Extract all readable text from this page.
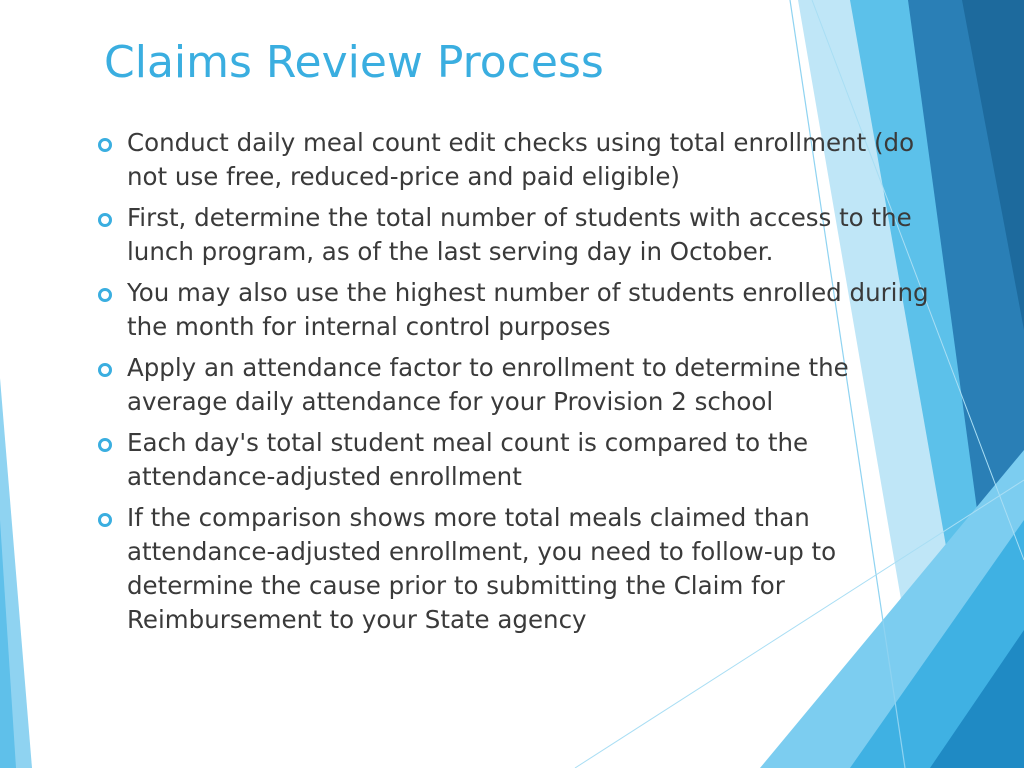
Claims Review Process
Conduct daily meal count edit checks using total enrollment (do not use free, reduced-price and paid eligible)
First, determine the total number of students with access to the lunch program, as of the last serving day in October.
You may also use the highest number of students enrolled during the month for internal control purposes
Apply an attendance factor to enrollment to determine the average daily attendance for your Provision 2 school
Each day's total student meal count is compared to the attendance-adjusted enrollment
If the comparison shows more total meals claimed than attendance-adjusted enrollment, you need to follow-up to determine the cause prior to submitting the Claim for Reimbursement to your State agency
